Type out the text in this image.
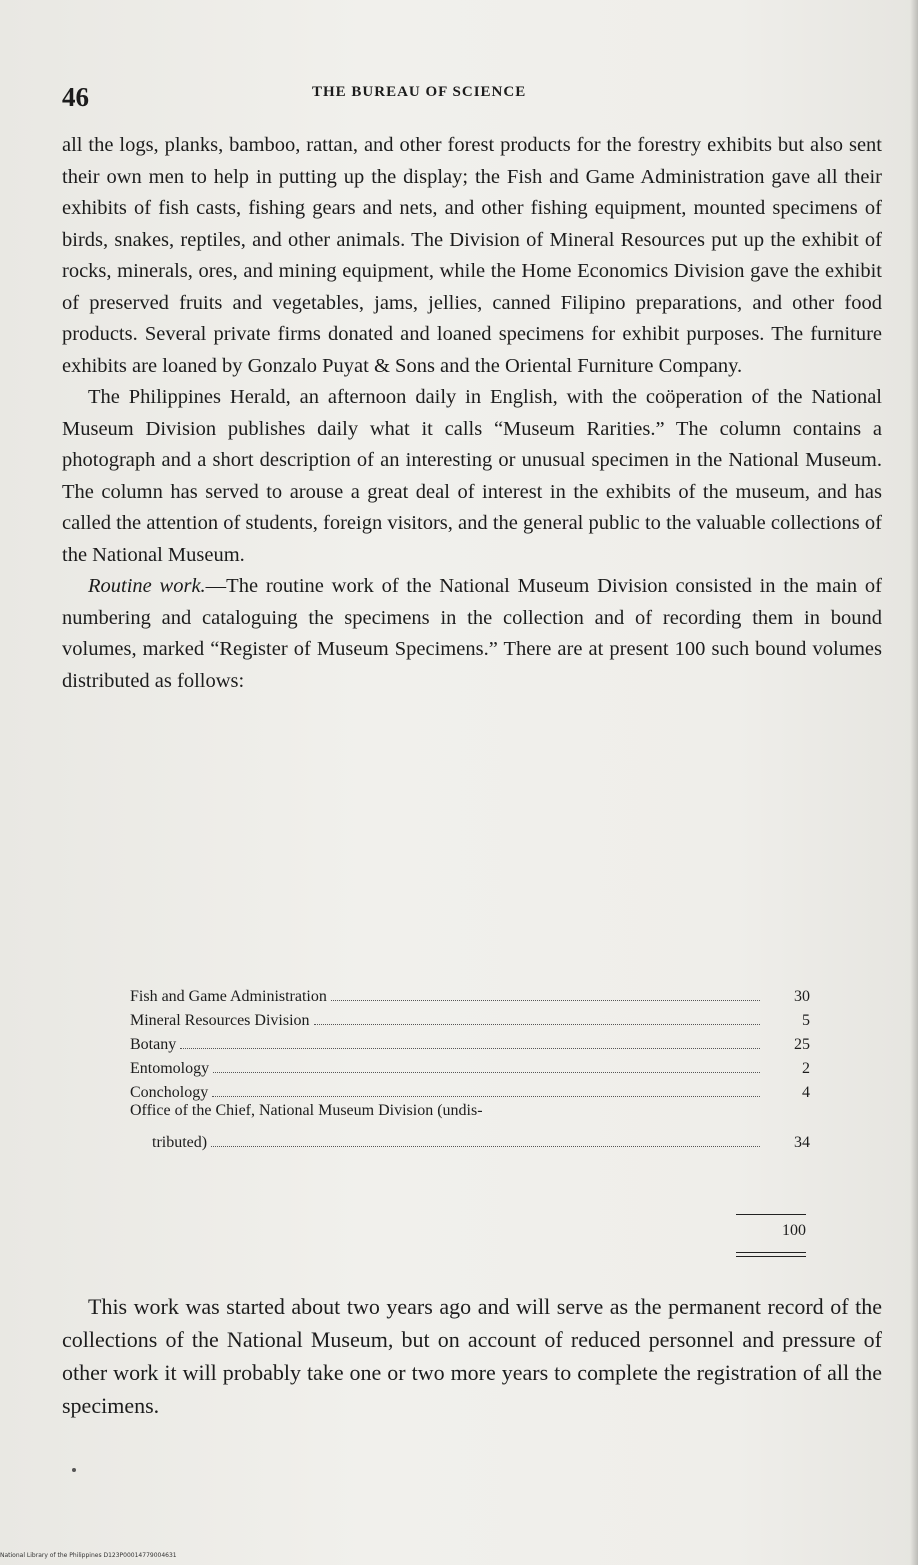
46	THE BUREAU OF SCIENCE

all the logs, planks, bamboo, rattan, and other forest products for the forestry exhibits but also sent their own men to help in putting up the display; the Fish and Game Administration gave all their exhibits of fish casts, fishing gears and nets, and other fishing equipment, mounted specimens of birds, snakes, reptiles, and other animals. The Division of Mineral Resources put up the exhibit of rocks, minerals, ores, and mining equipment, while the Home Economics Division gave the exhibit of preserved fruits and vegetables, jams, jellies, canned Filipino preparations, and other food products. Several private firms donated and loaned specimens for exhibit purposes. The furniture exhibits are loaned by Gonzalo Puyat & Sons and the Oriental Furniture Company.

The Philippines Herald, an afternoon daily in English, with the coöperation of the National Museum Division publishes daily what it calls “Museum Rarities.” The column contains a photograph and a short description of an interesting or unusual specimen in the National Museum. The column has served to arouse a great deal of interest in the exhibits of the museum, and has called the attention of students, foreign visitors, and the general public to the valuable collections of the National Museum.

Routine work.—The routine work of the National Museum Division consisted in the main of numbering and cataloguing the specimens in the collection and of recording them in bound volumes, marked “Register of Museum Specimens.” There are at present 100 such bound volumes distributed as follows:

Fish and Game Administration	30
Mineral Resources Division	5
Botany	25
Entomology	2
Conchology	4
Office of the Chief, National Museum Division (undis-
tributed)	34
100

This work was started about two years ago and will serve as the permanent record of the collections of the National Museum, but on account of reduced personnel and pressure of other work it will probably take one or two more years to complete the registration of all the specimens.

National Library of the Philippines D123P00014779004631
